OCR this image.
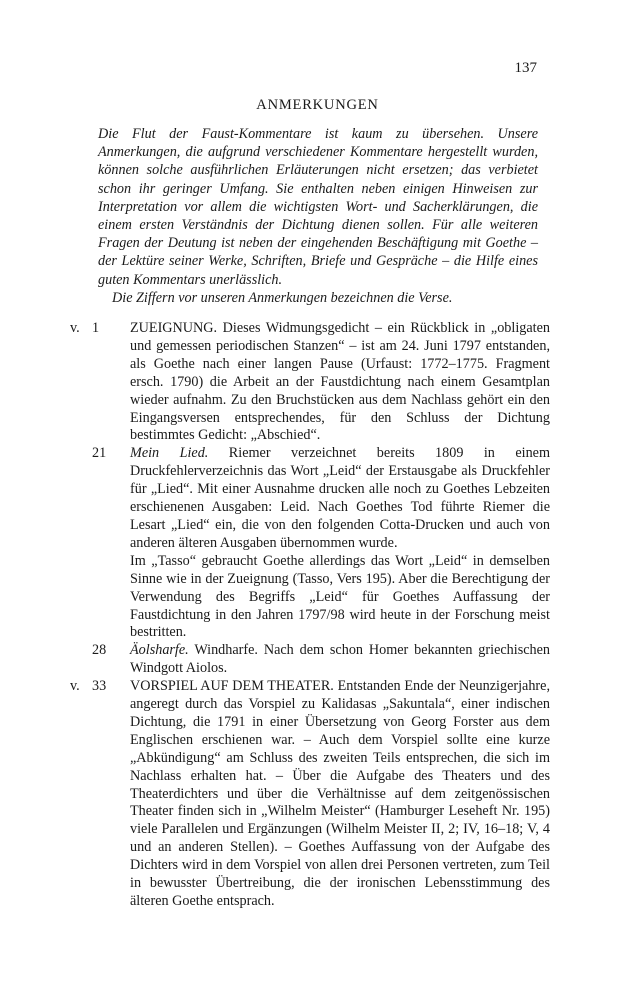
137
ANMERKUNGEN

Die Flut der Faust-Kommentare ist kaum zu übersehen. Unsere Anmerkungen, die aufgrund verschiedener Kommentare hergestellt wurden, können solche ausführlichen Erläuterungen nicht ersetzen; das verbietet schon ihr geringer Umfang. Sie enthalten neben einigen Hinweisen zur Interpretation vor allem die wichtigsten Wort- und Sacherklärungen, die einem ersten Verständnis der Dichtung dienen sollen. Für alle weiteren Fragen der Deutung ist neben der eingehenden Beschäftigung mit Goethe – der Lektüre seiner Werke, Schriften, Briefe und Gespräche – die Hilfe eines guten Kommentars unerlässlich.

Die Ziffern vor unseren Anmerkungen bezeichnen die Verse.

v. 1	ZUEIGNUNG. Dieses Widmungsgedicht – ein Rückblick in „obligaten und gemessen periodischen Stanzen“ – ist am 24. Juni 1797 entstanden, als Goethe nach einer langen Pause (Urfaust: 1772–1775. Fragment ersch. 1790) die Arbeit an der Faustdichtung nach einem Gesamtplan wieder aufnahm. Zu den Bruchstücken aus dem Nachlass gehört ein den Eingangsversen entsprechendes, für den Schluss der Dichtung bestimmtes Gedicht: „Abschied“.

21	Mein Lied. Riemer verzeichnet bereits 1809 in einem Druckfehlerverzeichnis das Wort „Leid“ der Erstausgabe als Druckfehler für „Lied“. Mit einer Ausnahme drucken alle noch zu Goethes Lebzeiten erschienenen Ausgaben: Leid. Nach Goethes Tod führte Riemer die Lesart „Lied“ ein, die von den folgenden Cotta-Drucken und auch von anderen älteren Ausgaben übernommen wurde.

Im „Tasso“ gebraucht Goethe allerdings das Wort „Leid“ in demselben Sinne wie in der Zueignung (Tasso, Vers 195). Aber die Berechtigung der Verwendung des Begriffs „Leid“ für Goethes Auffassung der Faustdichtung in den Jahren 1797/98 wird heute in der Forschung meist bestritten.

28	Äolsharfe. Windharfe. Nach dem schon Homer bekannten griechischen Windgott Aiolos.

v. 33	VORSPIEL AUF DEM THEATER. Entstanden Ende der Neunzigerjahre, angeregt durch das Vorspiel zu Kalidasas „Sakuntala“, einer indischen Dichtung, die 1791 in einer Übersetzung von Georg Forster aus dem Englischen erschienen war. – Auch dem Vorspiel sollte eine kurze „Abkündigung“ am Schluss des zweiten Teils entsprechen, die sich im Nachlass erhalten hat. – Über die Aufgabe des Theaters und des Theaterdichters und über die Verhältnisse auf dem zeitgenössischen Theater finden sich in „Wilhelm Meister“ (Hamburger Leseheft Nr. 195) viele Parallelen und Ergänzungen (Wilhelm Meister II, 2; IV, 16–18; V, 4 und an anderen Stellen). – Goethes Auffassung von der Aufgabe des Dichters wird in dem Vorspiel von allen drei Personen vertreten, zum Teil in bewusster Übertreibung, die der ironischen Lebensstimmung des älteren Goethe entsprach.
